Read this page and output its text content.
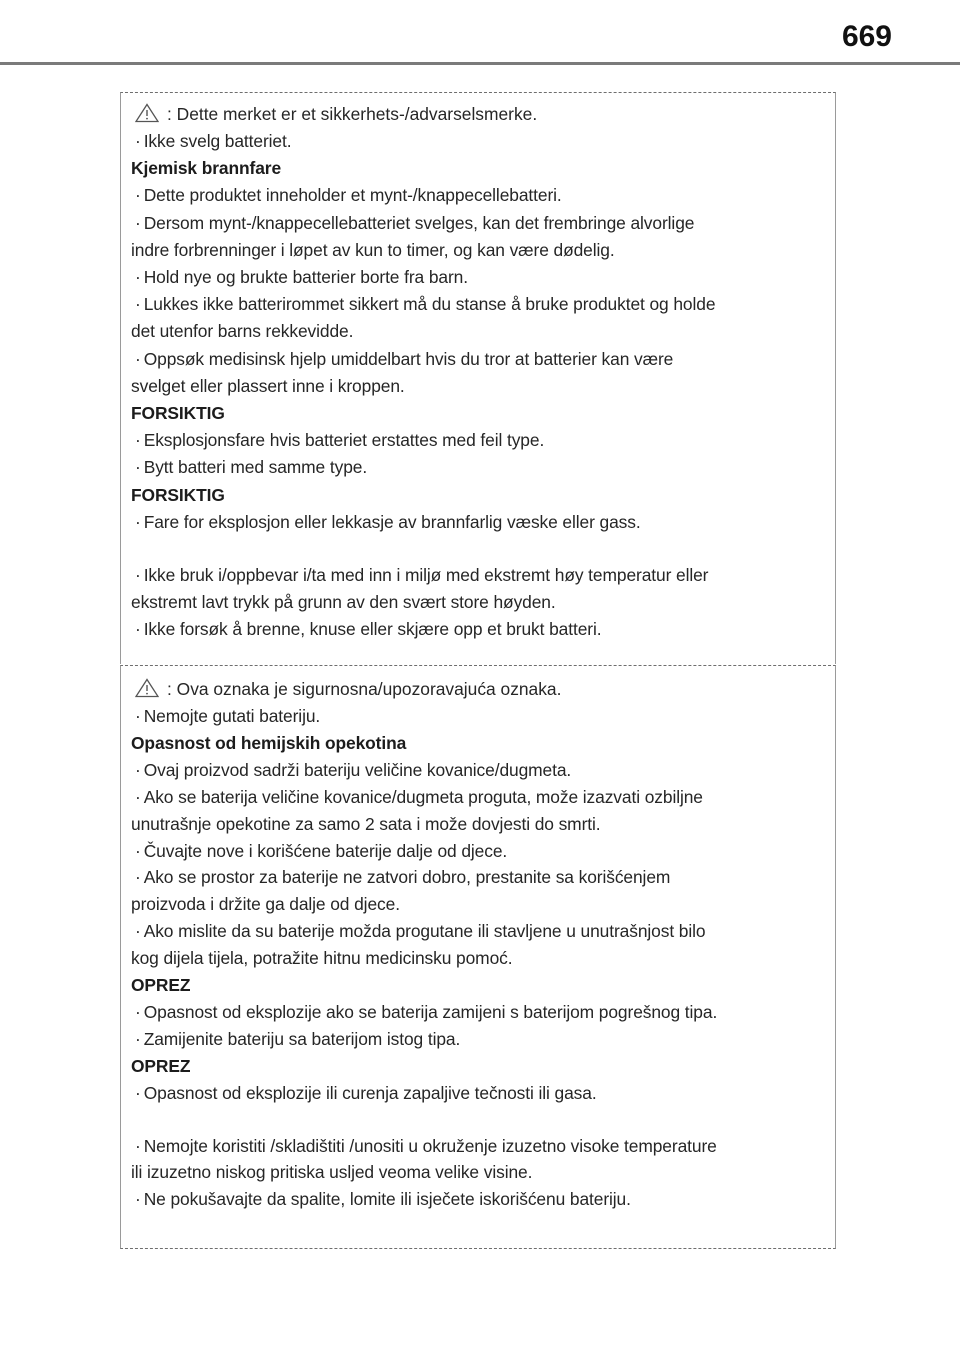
669
: Dette merket er et sikkerhets-/advarselsmerke.
· Ikke svelg batteriet.
Kjemisk brannfare
· Dette produktet inneholder et mynt-/knappecellebatteri.
· Dersom mynt-/knappecellebatteriet svelges, kan det frembringe alvorlige
indre forbrenninger i løpet av kun to timer, og kan være dødelig.
· Hold nye og brukte batterier borte fra barn.
· Lukkes ikke batterirommet sikkert må du stanse å bruke produktet og holde
det utenfor barns rekkevidde.
· Oppsøk medisinsk hjelp umiddelbart hvis du tror at batterier kan være
svelget eller plassert inne i kroppen.
FORSIKTIG
· Eksplosjonsfare hvis batteriet erstattes med feil type.
· Bytt batteri med samme type.
FORSIKTIG
· Fare for eksplosjon eller lekkasje av brannfarlig væske eller gass.
· Ikke bruk i/oppbevar i/ta med inn i miljø med ekstremt høy temperatur eller
ekstremt lavt trykk på grunn av den svært store høyden.
· Ikke forsøk å brenne, knuse eller skjære opp et brukt batteri.
: Ova oznaka je sigurnosna/upozoravajuća oznaka.
· Nemojte gutati bateriju.
Opasnost od hemijskih opekotina
· Ovaj proizvod sadrži bateriju veličine kovanice/dugmeta.
· Ako se baterija veličine kovanice/dugmeta proguta, može izazvati ozbiljne
unutrašnje opekotine za samo 2 sata i može dovjesti do smrti.
· Čuvajte nove i korišćene baterije dalje od djece.
· Ako se prostor za baterije ne zatvori dobro, prestanite sa korišćenjem
proizvoda i držite ga dalje od djece.
· Ako mislite da su baterije možda progutane ili stavljene u unutrašnjost bilo
kog dijela tijela, potražite hitnu medicinsku pomoć.
OPREZ
· Opasnost od eksplozije ako se baterija zamijeni s baterijom pogrešnog tipa.
· Zamijenite bateriju sa baterijom istog tipa.
OPREZ
· Opasnost od eksplozije ili curenja zapaljive tečnosti ili gasa.
· Nemojte koristiti /skladištiti /unositi u okruženje izuzetno visoke temperature
ili izuzetno niskog pritiska usljed veoma velike visine.
· Ne pokušavajte da spalite, lomite ili isječete iskorišćenu bateriju.
